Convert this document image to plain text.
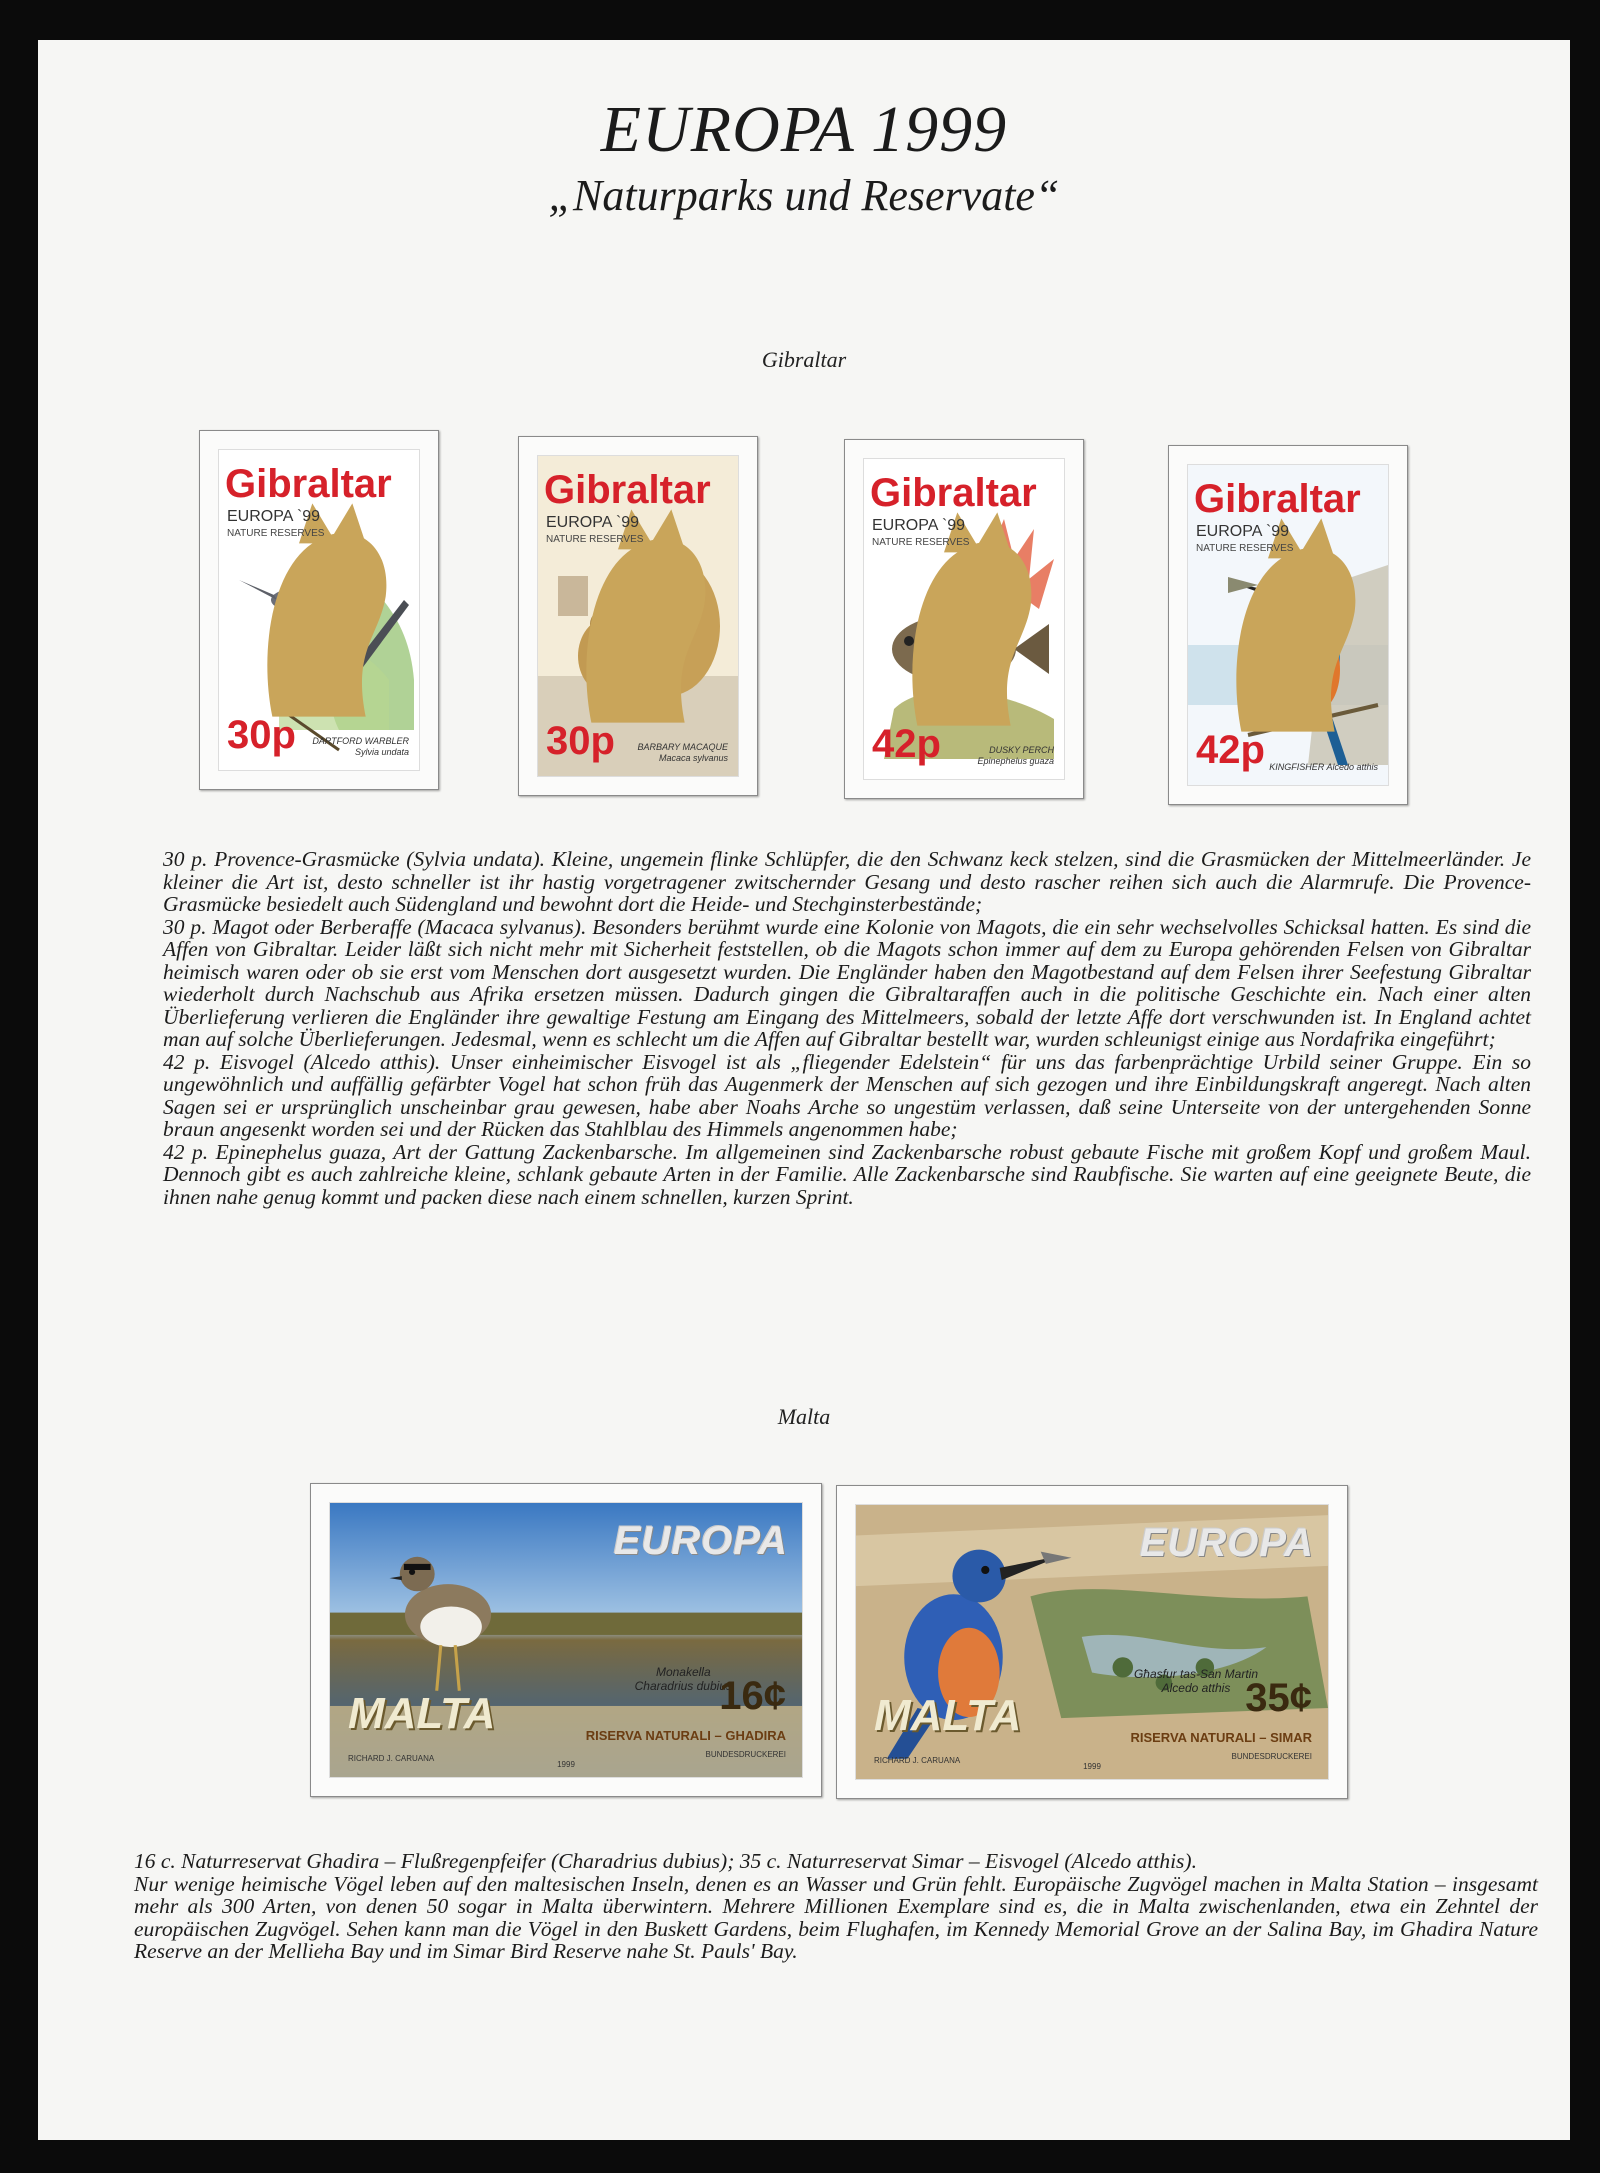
EUROPA 1999
„Naturparks und Reservate“
Gibraltar
Gibraltar
EUROPA `99
NATURE RESERVES
30p DARTFORD WARBLER
Sylvia undata
Gibraltar
EUROPA `99
NATURE RESERVES
30p	BARBARY MACAQUE
Macaca sylvanus
Gibraltar
EUROPA `99
NATURE RESERVES
42p	DUSKY PERCH
Epinephelus guaza
Gibraltar
EUROPA `99
NATURE RESERVES
42p KINGFISHER Alcedo atthis

30 p. Provence-Grasmücke (Sylvia undata). Kleine, ungemein flinke Schlüpfer, die den Schwanz keck stelzen, sind die Grasmücken der Mittelmeerländer. Je kleiner die Art ist, desto schneller ist ihr hastig vorgetragener zwitschernder Gesang und desto rascher reihen sich auch die Alarmrufe. Die Provence-Grasmücke besiedelt auch Südengland und bewohnt dort die Heide- und Stechginsterbestände;

30 p. Magot oder Berberaffe (Macaca sylvanus). Besonders berühmt wurde eine Kolonie von Magots, die ein sehr wechselvolles Schicksal hatten. Es sind die Affen von Gibraltar. Leider läßt sich nicht mehr mit Sicherheit feststellen, ob die Magots schon immer auf dem zu Europa gehörenden Felsen von Gibraltar heimisch waren oder ob sie erst vom Menschen dort ausgesetzt wurden. Die Engländer haben den Magotbestand auf dem Felsen ihrer Seefestung Gibraltar wiederholt durch Nachschub aus Afrika ersetzen müssen. Dadurch gingen die Gibraltaraffen auch in die politische Geschichte ein. Nach einer alten Überlieferung verlieren die Engländer ihre gewaltige Festung am Eingang des Mittelmeers, sobald der letzte Affe dort verschwunden ist. In England achtet man auf solche Überlieferungen. Jedesmal, wenn es schlecht um die Affen auf Gibraltar bestellt war, wurden schleunigst einige aus Nordafrika eingeführt;

42 p. Eisvogel (Alcedo atthis). Unser einheimischer Eisvogel ist als „fliegender Edelstein“ für uns das farbenprächtige Urbild seiner Gruppe. Ein so ungewöhnlich und auffällig gefärbter Vogel hat schon früh das Augenmerk der Menschen auf sich gezogen und ihre Einbildungskraft angeregt. Nach alten Sagen sei er ursprünglich unscheinbar grau gewesen, habe aber Noahs Arche so ungestüm verlassen, daß seine Unterseite von der untergehenden Sonne braun angesenkt worden sei und der Rücken das Stahlblau des Himmels angenommen habe;

42 p. Epinephelus guaza, Art der Gattung Zackenbarsche. Im allgemeinen sind Zackenbarsche robust gebaute Fische mit großem Kopf und großem Maul. Dennoch gibt es auch zahlreiche kleine, schlank gebaute Arten in der Familie. Alle Zackenbarsche sind Raubfische. Sie warten auf eine geeignete Beute, die ihnen nahe genug kommt und packen diese nach einem schnellen, kurzen Sprint.

Malta
EUROPA
Monakella
Charadrius dubius
16¢
MALTA	RISERVA NATURALI – GHADIRA
RICHARD J. CARUANA
1999
BUNDESDRUCKEREI
EUROPA
Għasfur tas-San Martin
Alcedo atthis 35¢
MALTA	RISERVA NATURALI – SIMAR
RICHARD J. CARUANA
1999
BUNDESDRUCKEREI

16 c. Naturreservat Ghadira – Flußregenpfeifer (Charadrius dubius); 35 c. Naturreservat Simar – Eisvogel (Alcedo atthis).

Nur wenige heimische Vögel leben auf den maltesischen Inseln, denen es an Wasser und Grün fehlt. Europäische Zugvögel machen in Malta Station – insgesamt mehr als 300 Arten, von denen 50 sogar in Malta überwintern. Mehrere Millionen Exemplare sind es, die in Malta zwischenlanden, etwa ein Zehntel der europäischen Zugvögel. Sehen kann man die Vögel in den Buskett Gardens, beim Flughafen, im Kennedy Memorial Grove an der Salina Bay, im Ghadira Nature Reserve an der Mellieha Bay und im Simar Bird Reserve nahe St. Pauls' Bay.
